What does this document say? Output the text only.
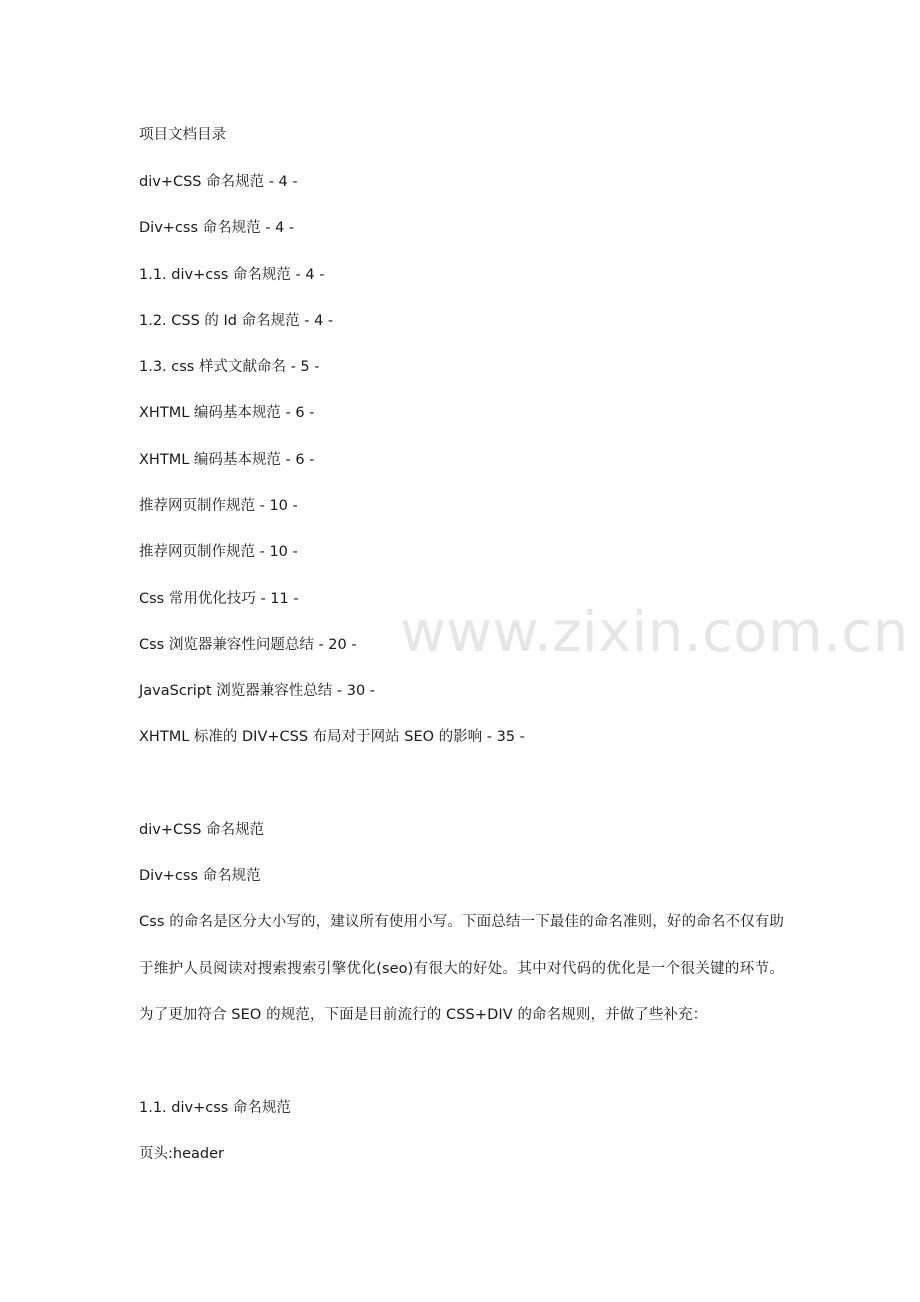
www.zixin.com.cn
项目文档目录
div+CSS 命名规范 - 4 -
Div+css 命名规范 - 4 -
1.1. div+css 命名规范 - 4 -
1.2. CSS 的 Id 命名规范 - 4 -
1.3. css 样式文献命名 - 5 -
XHTML 编码基本规范 - 6 -
XHTML 编码基本规范 - 6 -
推荐网页制作规范 - 10 -
推荐网页制作规范 - 10 -
Css 常用优化技巧 - 11 -
Css 浏览器兼容性问题总结 - 20 -
JavaScript 浏览器兼容性总结 - 30 -
XHTML 标准的 DIV+CSS 布局对于网站 SEO 的影响 - 35 -
div+CSS 命名规范
Div+css 命名规范
Css 的命名是区分大小写的，建议所有使用小写。下面总结一下最佳的命名准则，好的命名不仅有助于维护人员阅读对搜索搜索引擎优化(seo)有很大的好处。其中对代码的优化是一个很关键的环节。为了更加符合 SEO 的规范，下面是目前流行的 CSS+DIV 的命名规则，并做了些补充：
1.1. div+css 命名规范
页头:header
